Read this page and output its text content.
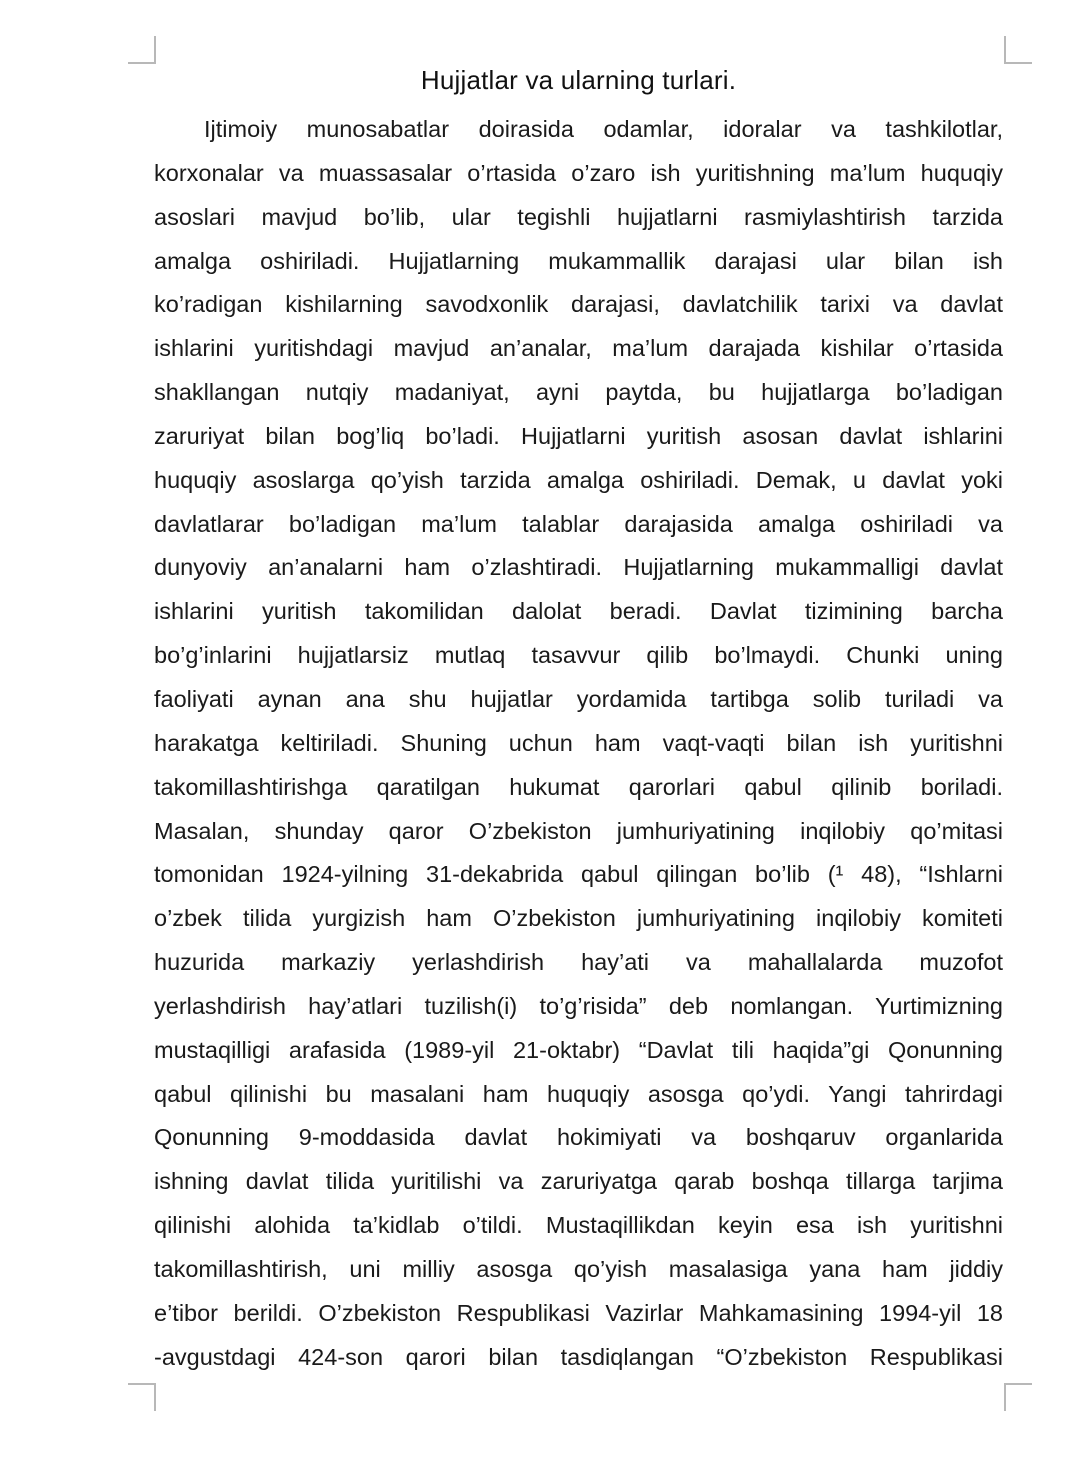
Hujjatlar va ularning turlari.
Ijtimoiy munosabatlar doirasida odamlar, idoralar va tashkilotlar,
korxonalar va muassasalar o’rtasida o’zaro ish yuritishning ma’lum huquqiy
asoslari mavjud bo’lib, ular tegishli hujjatlarni rasmiylashtirish tarzida
amalga oshiriladi. Hujjatlarning mukammallik darajasi ular bilan ish
ko’radigan kishilarning savodxonlik darajasi, davlatchilik tarixi va davlat
ishlarini yuritishdagi mavjud an’analar, ma’lum darajada kishilar o’rtasida
shakllangan nutqiy madaniyat, ayni paytda, bu hujjatlarga bo’ladigan
zaruriyat bilan bog’liq bo’ladi. Hujjatlarni yuritish asosan davlat ishlarini
huquqiy asoslarga qo’yish tarzida amalga oshiriladi. Demak, u davlat yoki
davlatlarar bo’ladigan ma’lum talablar darajasida amalga oshiriladi va
dunyoviy an’analarni ham o’zlashtiradi. Hujjatlarning mukammalligi davlat
ishlarini yuritish takomilidan dalolat beradi. Davlat tizimining barcha
bo’g’inlarini hujjatlarsiz mutlaq tasavvur qilib bo’lmaydi. Chunki uning
faoliyati aynan ana shu hujjatlar yordamida tartibga solib turiladi va
harakatga keltiriladi. Shuning uchun ham vaqt-vaqti bilan ish yuritishni
takomillashtirishga qaratilgan hukumat qarorlari qabul qilinib boriladi.
Masalan, shunday qaror O’zbekiston jumhuriyatining inqilobiy qo’mitasi
tomonidan 1924-yilning 31-dekabrida qabul qilingan bo’lib (¹ 48), “Ishlarni
o’zbek tilida yurgizish ham O’zbekiston jumhuriyatining inqilobiy komiteti
huzurida markaziy yerlashdirish hay’ati va mahallalarda muzofot
yerlashdirish hay’atlari tuzilish(i) to’g’risida” deb nomlangan. Yurtimizning
mustaqilligi arafasida (1989-yil 21-oktabr) “Davlat tili haqida”gi Qonunning
qabul qilinishi bu masalani ham huquqiy asosga qo’ydi. Yangi tahrirdagi
Qonunning 9-moddasida davlat hokimiyati va boshqaruv organlarida
ishning davlat tilida yuritilishi va zaruriyatga qarab boshqa tillarga tarjima
qilinishi alohida ta’kidlab o’tildi. Mustaqillikdan keyin esa ish yuritishni
takomillashtirish, uni milliy asosga qo’yish masalasiga yana ham jiddiy
e’tibor berildi. O’zbekiston Respublikasi Vazirlar Mahkamasining 1994-yil 18
-avgustdagi 424-son qarori bilan tasdiqlangan “O’zbekiston Respublikasi
